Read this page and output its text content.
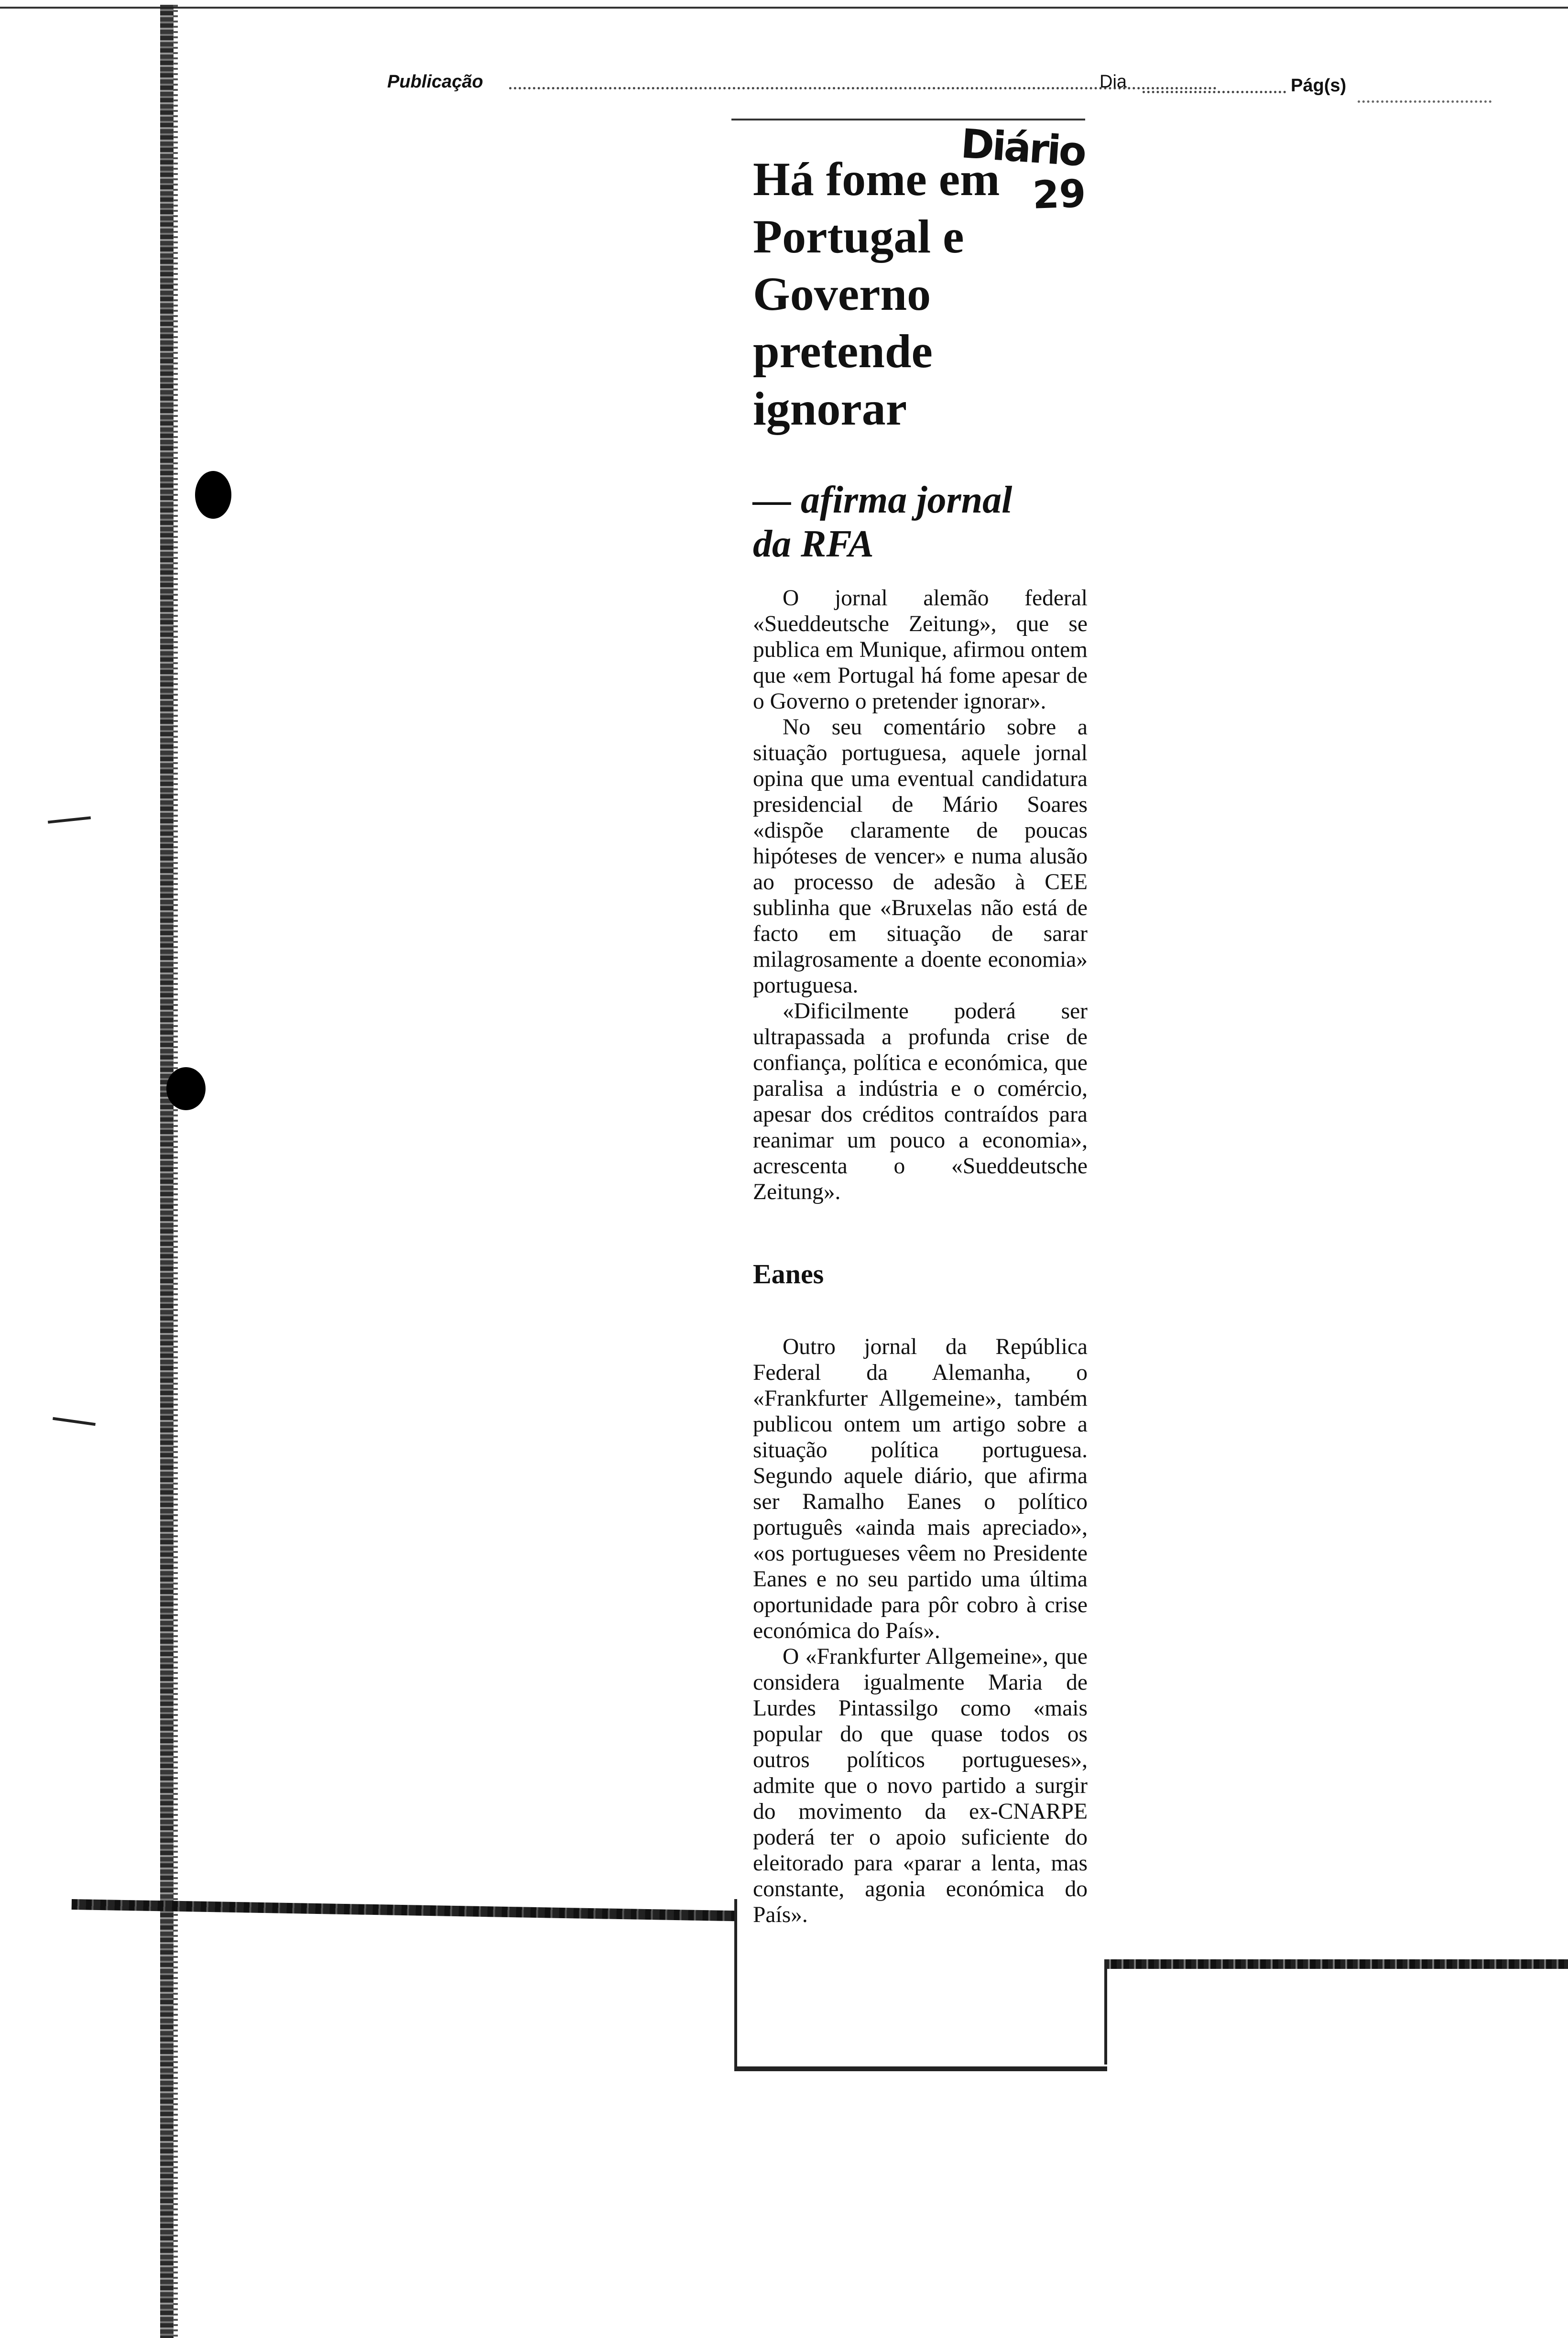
Publicação	Dia	Pág(s)
Diário
29
Há fome em Portugal e Governo pretende ignorar
— afirma jornal
da RFA

O jornal alemão federal «Sueddeutsche Zeitung», que se publica em Munique, afirmou ontem que «em Portugal há fome apesar de o Governo o pretender ignorar».

No seu comentário sobre a situação portuguesa, aquele jornal opina que uma eventual candidatura presidencial de Mário Soares «dispõe claramente de poucas hipóteses de vencer» e numa alusão ao processo de adesão à CEE sublinha que «Bruxelas não está de facto em situação de sarar milagrosamente a doente economia» portuguesa.

«Dificilmente poderá ser ultrapassada a profunda crise de confiança, política e económica, que paralisa a indústria e o comércio, apesar dos créditos contraídos para reanimar um pouco a economia», acrescenta o «Sueddeutsche Zeitung».

Eanes

Outro jornal da República Federal da Alemanha, o «Frankfurter Allgemeine», também publicou ontem um artigo sobre a situação política portuguesa. Segundo aquele diário, que afirma ser Ramalho Eanes o político português «ainda mais apreciado», «os portugueses vêem no Presidente Eanes e no seu partido uma última oportunidade para pôr cobro à crise económica do País».

O «Frankfurter Allgemeine», que considera igualmente Maria de Lurdes Pintassilgo como «mais popular do que quase todos os outros políticos portugueses», admite que o novo partido a surgir do movimento da ex-CNARPE poderá ter o apoio suficiente do eleitorado para «parar a lenta, mas constante, agonia económica do País».
